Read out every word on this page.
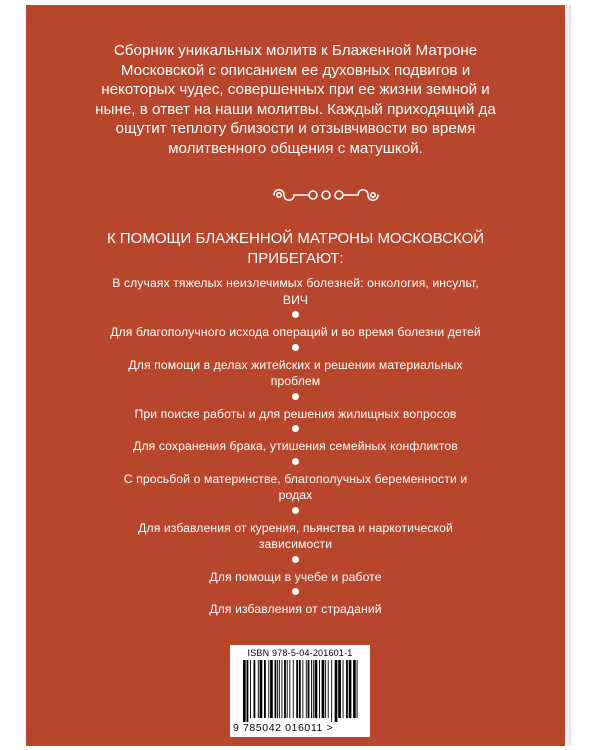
Сборник уникальных молитв к Блаженной Матроне Московской с описанием ее духовных подвигов и некоторых чудес, совершенных при ее жизни земной и ныне, в ответ на наши молитвы. Каждый приходящий да ощутит теплоту близости и отзывчивости во время молитвенного общения с матушкой.

К ПОМОЩИ БЛАЖЕННОЙ МАТРОНЫ МОСКОВСКОЙ ПРИБЕГАЮТ:

В случаях тяжелых неизлечимых болезней: онкология, инсульт, ВИЧ
Для благополучного исхода операций и во время болезни детей
Для помощи в делах житейских и решении материальных проблем
При поиске работы и для решения жилищных вопросов
Для сохранения брака, утишения семейных конфликтов
С просьбой о материнстве, благополучных беременности и родах
Для избавления от курения, пьянства и наркотической зависимости
Для помощи в учебе и работе
Для избавления от страданий
ISBN 978-5-04-201601-1
9 785042 016011 >
